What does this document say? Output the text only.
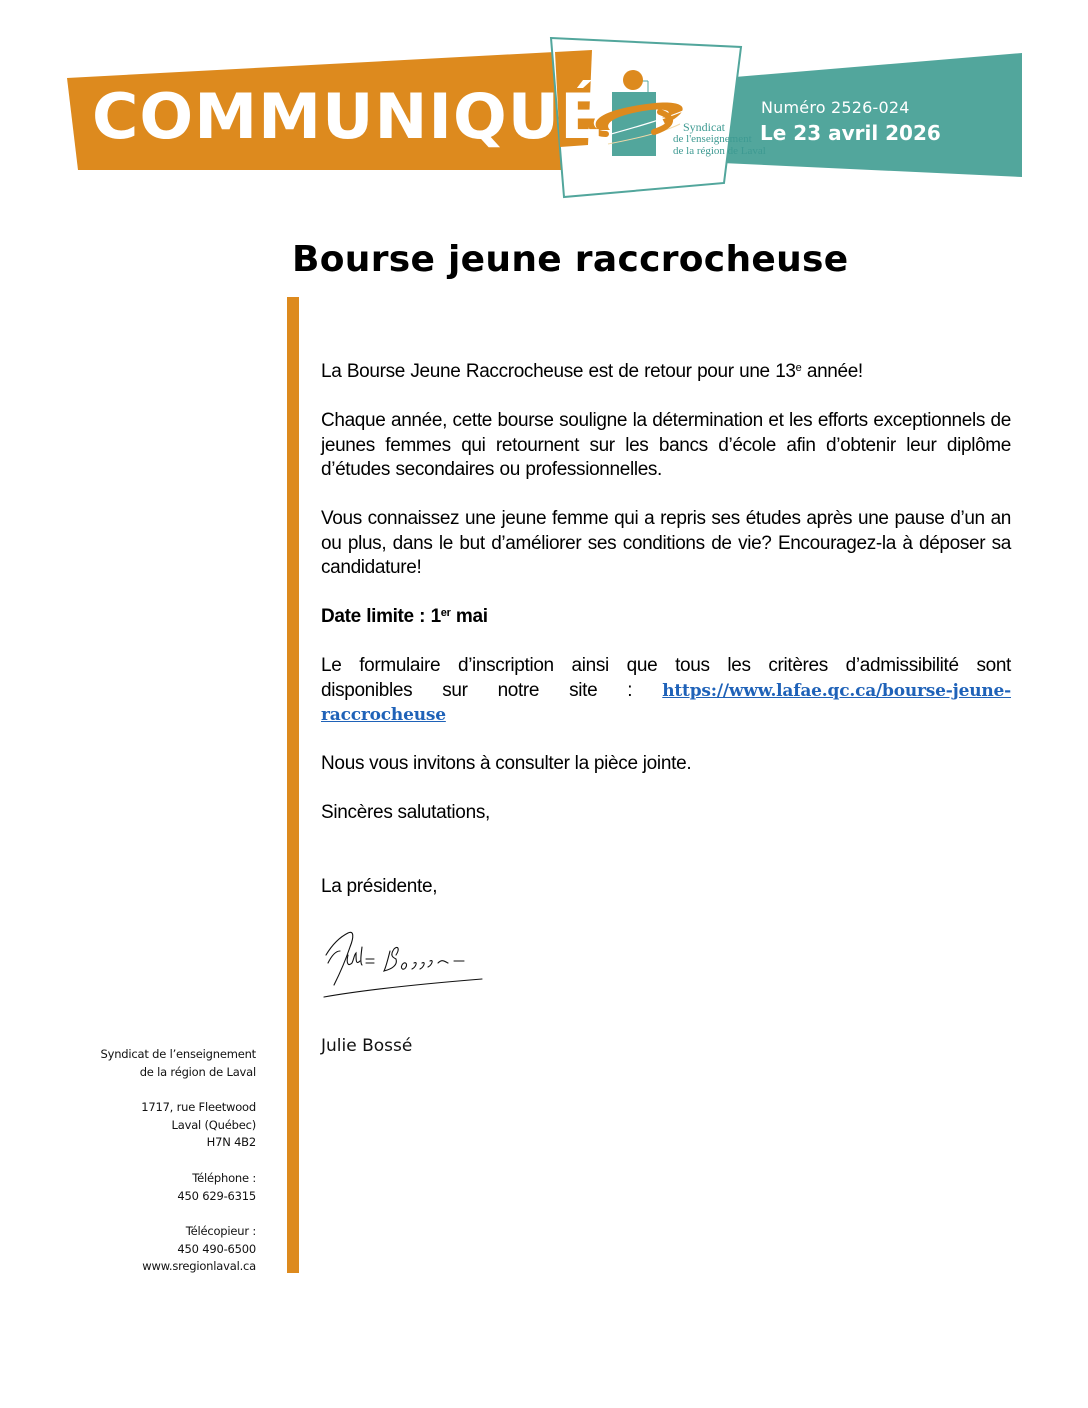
COMMUNIQUÉ	Syndicat
de l'enseignement
de la région de Laval
Numéro 2526-024
Le 23 avril 2026
Bourse jeune raccrocheuse

La Bourse Jeune Raccrocheuse est de retour pour une 13e année!

Chaque année, cette bourse souligne la détermination et les efforts exceptionnels de jeunes femmes qui retournent sur les bancs d’école afin d’obtenir leur diplôme d’études secondaires ou professionnelles.

Vous connaissez une jeune femme qui a repris ses études après une pause d’un an ou plus, dans le but d’améliorer ses conditions de vie? Encouragez-la à déposer sa candidature!

Date limite : 1er mai

Le formulaire d’inscription ainsi que tous les critères d’admissibilité sont
disponibles sur notre site : https://www.lafae.qc.ca/bourse-jeune-
raccrocheuse
Nous vous invitons à consulter la pièce jointe.
Sincères salutations,
La présidente,
Julie Bossé
Syndicat de l’enseignement
de la région de Laval
1717, rue Fleetwood
Laval (Québec)
H7N 4B2
Téléphone :
450 629-6315
Télécopieur :
450 490-6500
www.sregionlaval.ca
